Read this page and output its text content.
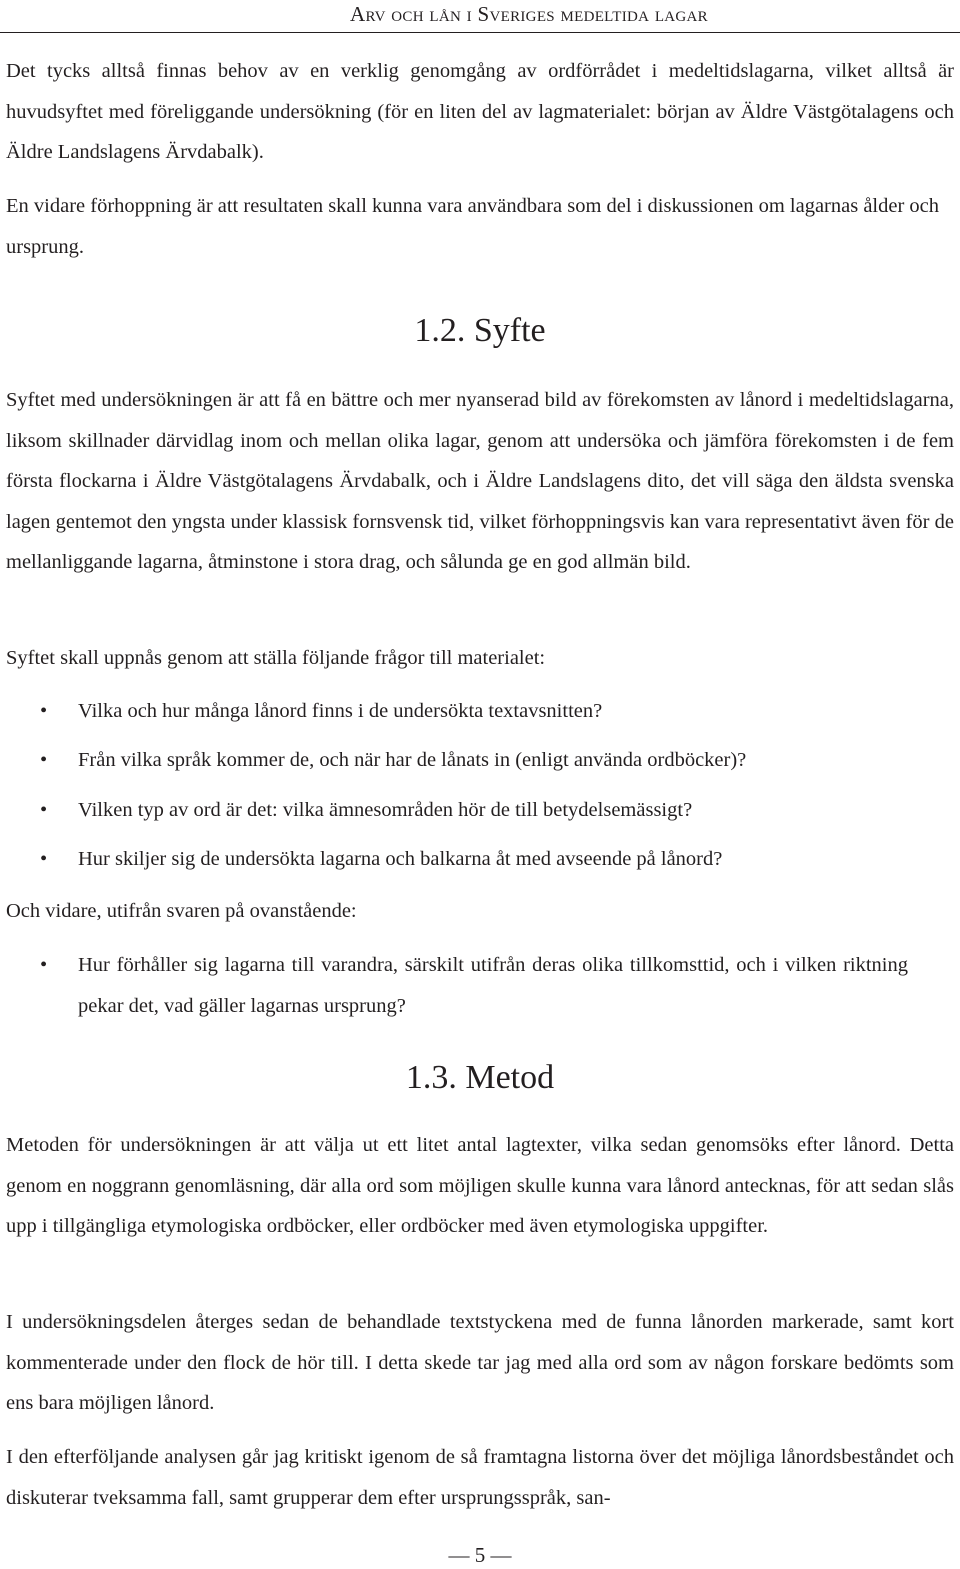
Arv och lån i Sveriges medeltida lagar

Det tycks alltså finnas behov av en verklig genomgång av ordförrådet i medeltidslagarna, vilket alltså är huvudsyftet med föreliggande undersökning (för en liten del av lagmaterialet: början av Äldre Västgötalagens och Äldre Landslagens Ärvdabalk).

En vidare förhoppning är att resultaten skall kunna vara användbara som del i diskussionen om lagarnas ålder och ursprung.

1.2. Syfte

Syftet med undersökningen är att få en bättre och mer nyanserad bild av förekomsten av lånord i medeltidslagarna, liksom skillnader därvidlag inom och mellan olika lagar, genom att undersöka och jämföra förekomsten i de fem första flockarna i Äldre Västgötalagens Ärvdabalk, och i Äldre Landslagens dito, det vill säga den äldsta svenska lagen gentemot den yngsta under klassisk fornsvensk tid, vilket förhoppningsvis kan vara representativt även för de mellanliggande lagarna, åtminstone i stora drag, och sålunda ge en god allmän bild.

Syftet skall uppnås genom att ställa följande frågor till materialet:

• Vilka och hur många lånord finns i de undersökta textavsnitten?
• Från vilka språk kommer de, och när har de lånats in (enligt använda ordböcker)?
• Vilken typ av ord är det: vilka ämnesområden hör de till betydelsemässigt?
• Hur skiljer sig de undersökta lagarna och balkarna åt med avseende på lånord?

Och vidare, utifrån svaren på ovanstående:

• Hur förhåller sig lagarna till varandra, särskilt utifrån deras olika tillkomsttid, och i vilken riktning pekar det, vad gäller lagarnas ursprung?
1.3. Metod

Metoden för undersökningen är att välja ut ett litet antal lagtexter, vilka sedan genomsöks efter lånord. Detta genom en noggrann genomläsning, där alla ord som möjligen skulle kunna vara lånord antecknas, för att sedan slås upp i tillgängliga etymologiska ordböcker, eller ordböcker med även etymologiska uppgifter.

I undersökningsdelen återges sedan de behandlade textstyckena med de funna lånorden markerade, samt kort kommenterade under den flock de hör till. I detta skede tar jag med alla ord som av någon forskare bedömts som ens bara möjligen lånord.

I den efterföljande analysen går jag kritiskt igenom de så framtagna listorna över det möjliga lånordsbeståndet och diskuterar tveksamma fall, samt grupperar dem efter ursprungsspråk, san-

— 5 —
